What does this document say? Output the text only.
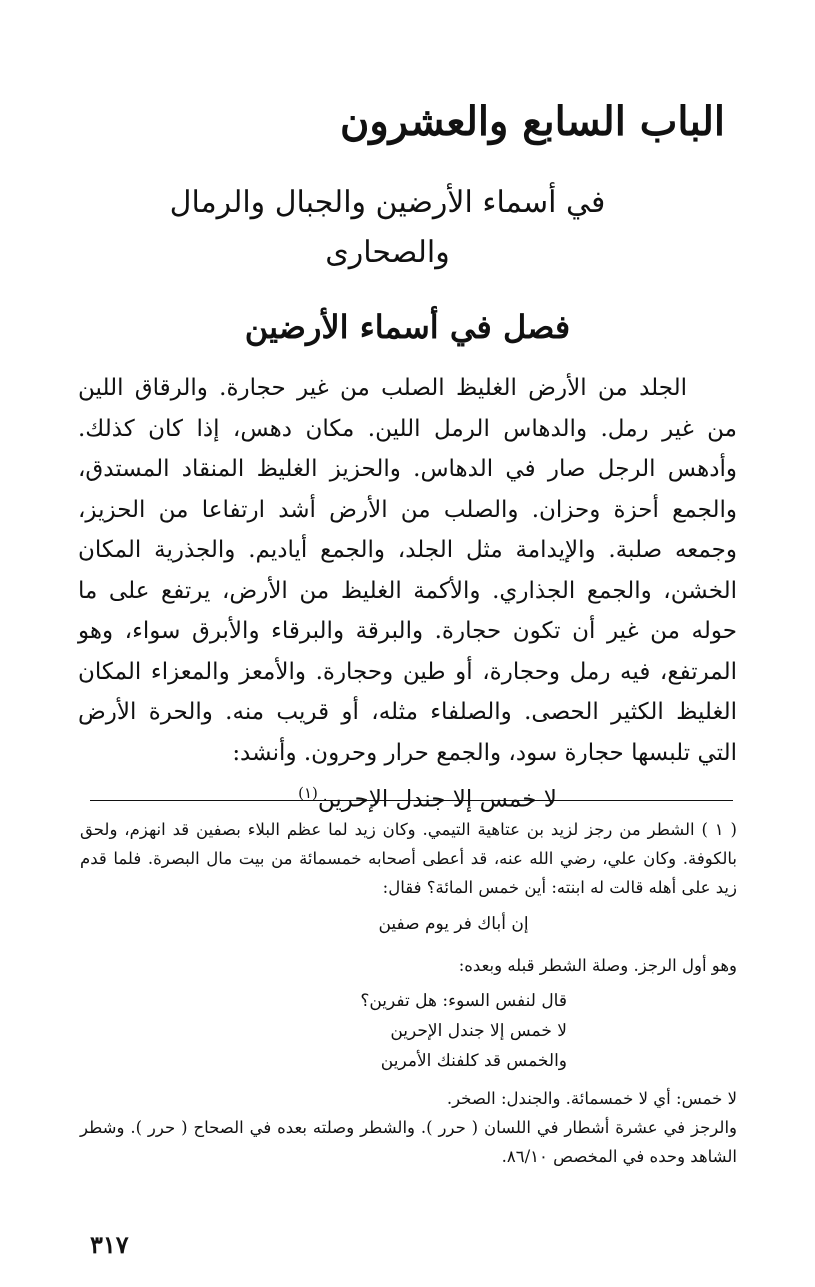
الباب السابع والعشرون
في أسماء الأرضين والجبال والرمال
والصحارى
فصل في أسماء الأرضين

الجلد من الأرض الغليظ الصلب من غير حجارة. والرقاق اللين من غير رمل. والدهاس الرمل اللين. مكان دهس، إذا كان كذلك. وأدهس الرجل صار في الدهاس. والحزيز الغليظ المنقاد المستدق، والجمع أحزة وحزان. والصلب من الأرض أشد ارتفاعا من الحزيز، وجمعه صلبة. والإيدامة مثل الجلد، والجمع أياديم. والجذرية المكان الخشن، والجمع الجذاري. والأكمة الغليظ من الأرض، يرتفع على ما حوله من غير أن تكون حجارة. والبرقة والبرقاء والأبرق سواء، وهو المرتفع، فيه رمل وحجارة، أو طين وحجارة. والأمعز والمعزاء المكان الغليظ الكثير الحصى. والصلفاء مثله، أو قريب منه. والحرة الأرض التي تلبسها حجارة سود، والجمع حرار وحرون. وأنشد:

لا خمس إلا جندل الإحرين$^{(١)}$

( ١ ) الشطر من رجز لزيد بن عتاهية التيمي. وكان زيد لما عظم البلاء بصفين قد انهزم، ولحق بالكوفة. وكان علي، رضي الله عنه، قد أعطى أصحابه خمسمائة من بيت مال البصرة. فلما قدم زيد على أهله قالت له ابنته: أين خمس المائة؟ فقال:

إن أباك فر يوم صفين

وهو أول الرجز. وصلة الشطر قبله وبعده:

قال لنفس السوء: هل تفرين؟
لا خمس إلا جندل الإحرين
والخمس قد كلفنك الأمرين

لا خمس: أي لا خمسمائة. والجندل: الصخر.

والرجز في عشرة أشطار في اللسان ( حرر ). والشطر وصلته بعده في الصحاح ( حرر ). وشطر الشاهد وحده في المخصص ٨٦/١٠.

٣١٧
